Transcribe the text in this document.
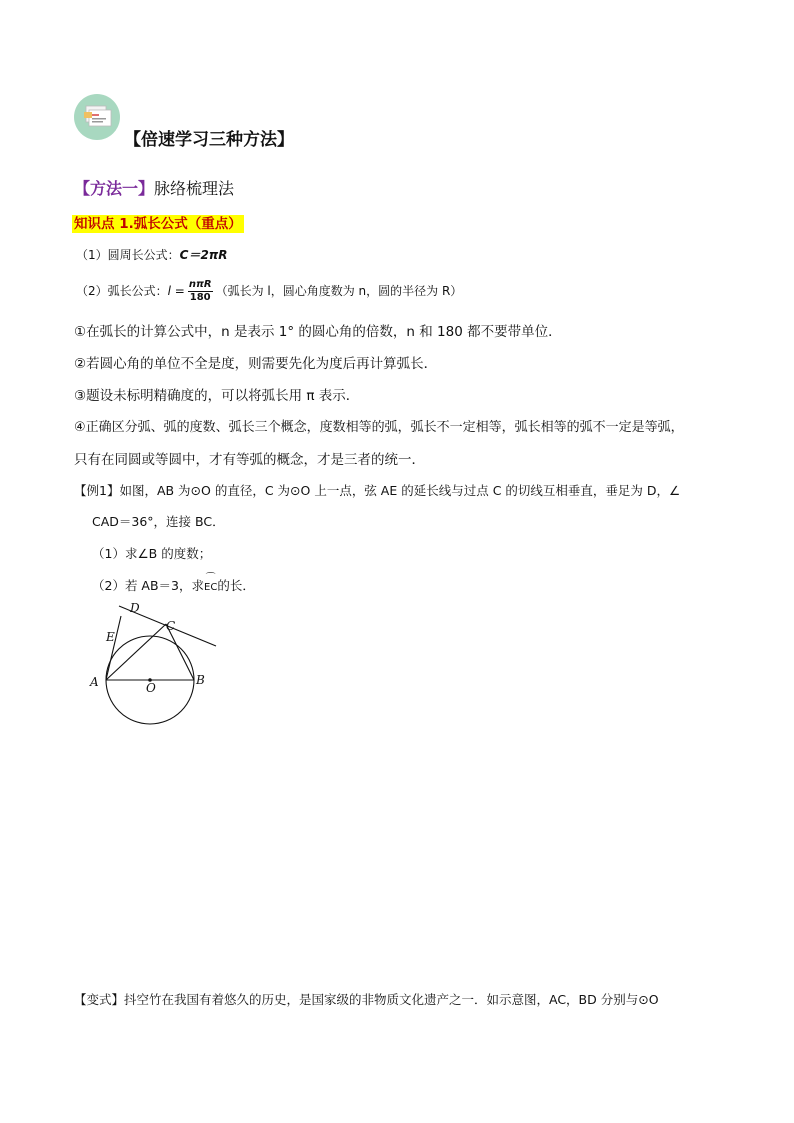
【倍速学习三种方法】
【方法一】脉络梳理法
知识点 1.弧长公式（重点）
（1）圆周长公式：C＝2πR
（2）弧长公式：$l = \frac{\text{nπR}}{180}$ （弧长为 l，圆心角度数为 n，圆的半径为 R）
①在弧长的计算公式中，n 是表示 1° 的圆心角的倍数，n 和 180 都不要带单位．
②若圆心角的单位不全是度，则需要先化为度后再计算弧长．
③题设未标明精确度的，可以将弧长用 π 表示．
④正确区分弧、弧的度数、弧长三个概念，度数相等的弧，弧长不一定相等，弧长相等的弧不一定是等弧，
只有在同圆或等圆中，才有等弧的概念，才是三者的统一．
【例1】如图，AB 为⊙O 的直径，C 为⊙O 上一点，弦 AE 的延长线与过点 C 的切线互相垂直，垂足为 D，∠
CAD＝36°，连接 BC．
（1）求∠B 的度数；
（2）若 AB＝3，求 ⌒
EC的长．
D
E
C
A	B
O
【变式】抖空竹在我国有着悠久的历史，是国家级的非物质文化遗产之一．如示意图，AC，BD 分别与⊙O
